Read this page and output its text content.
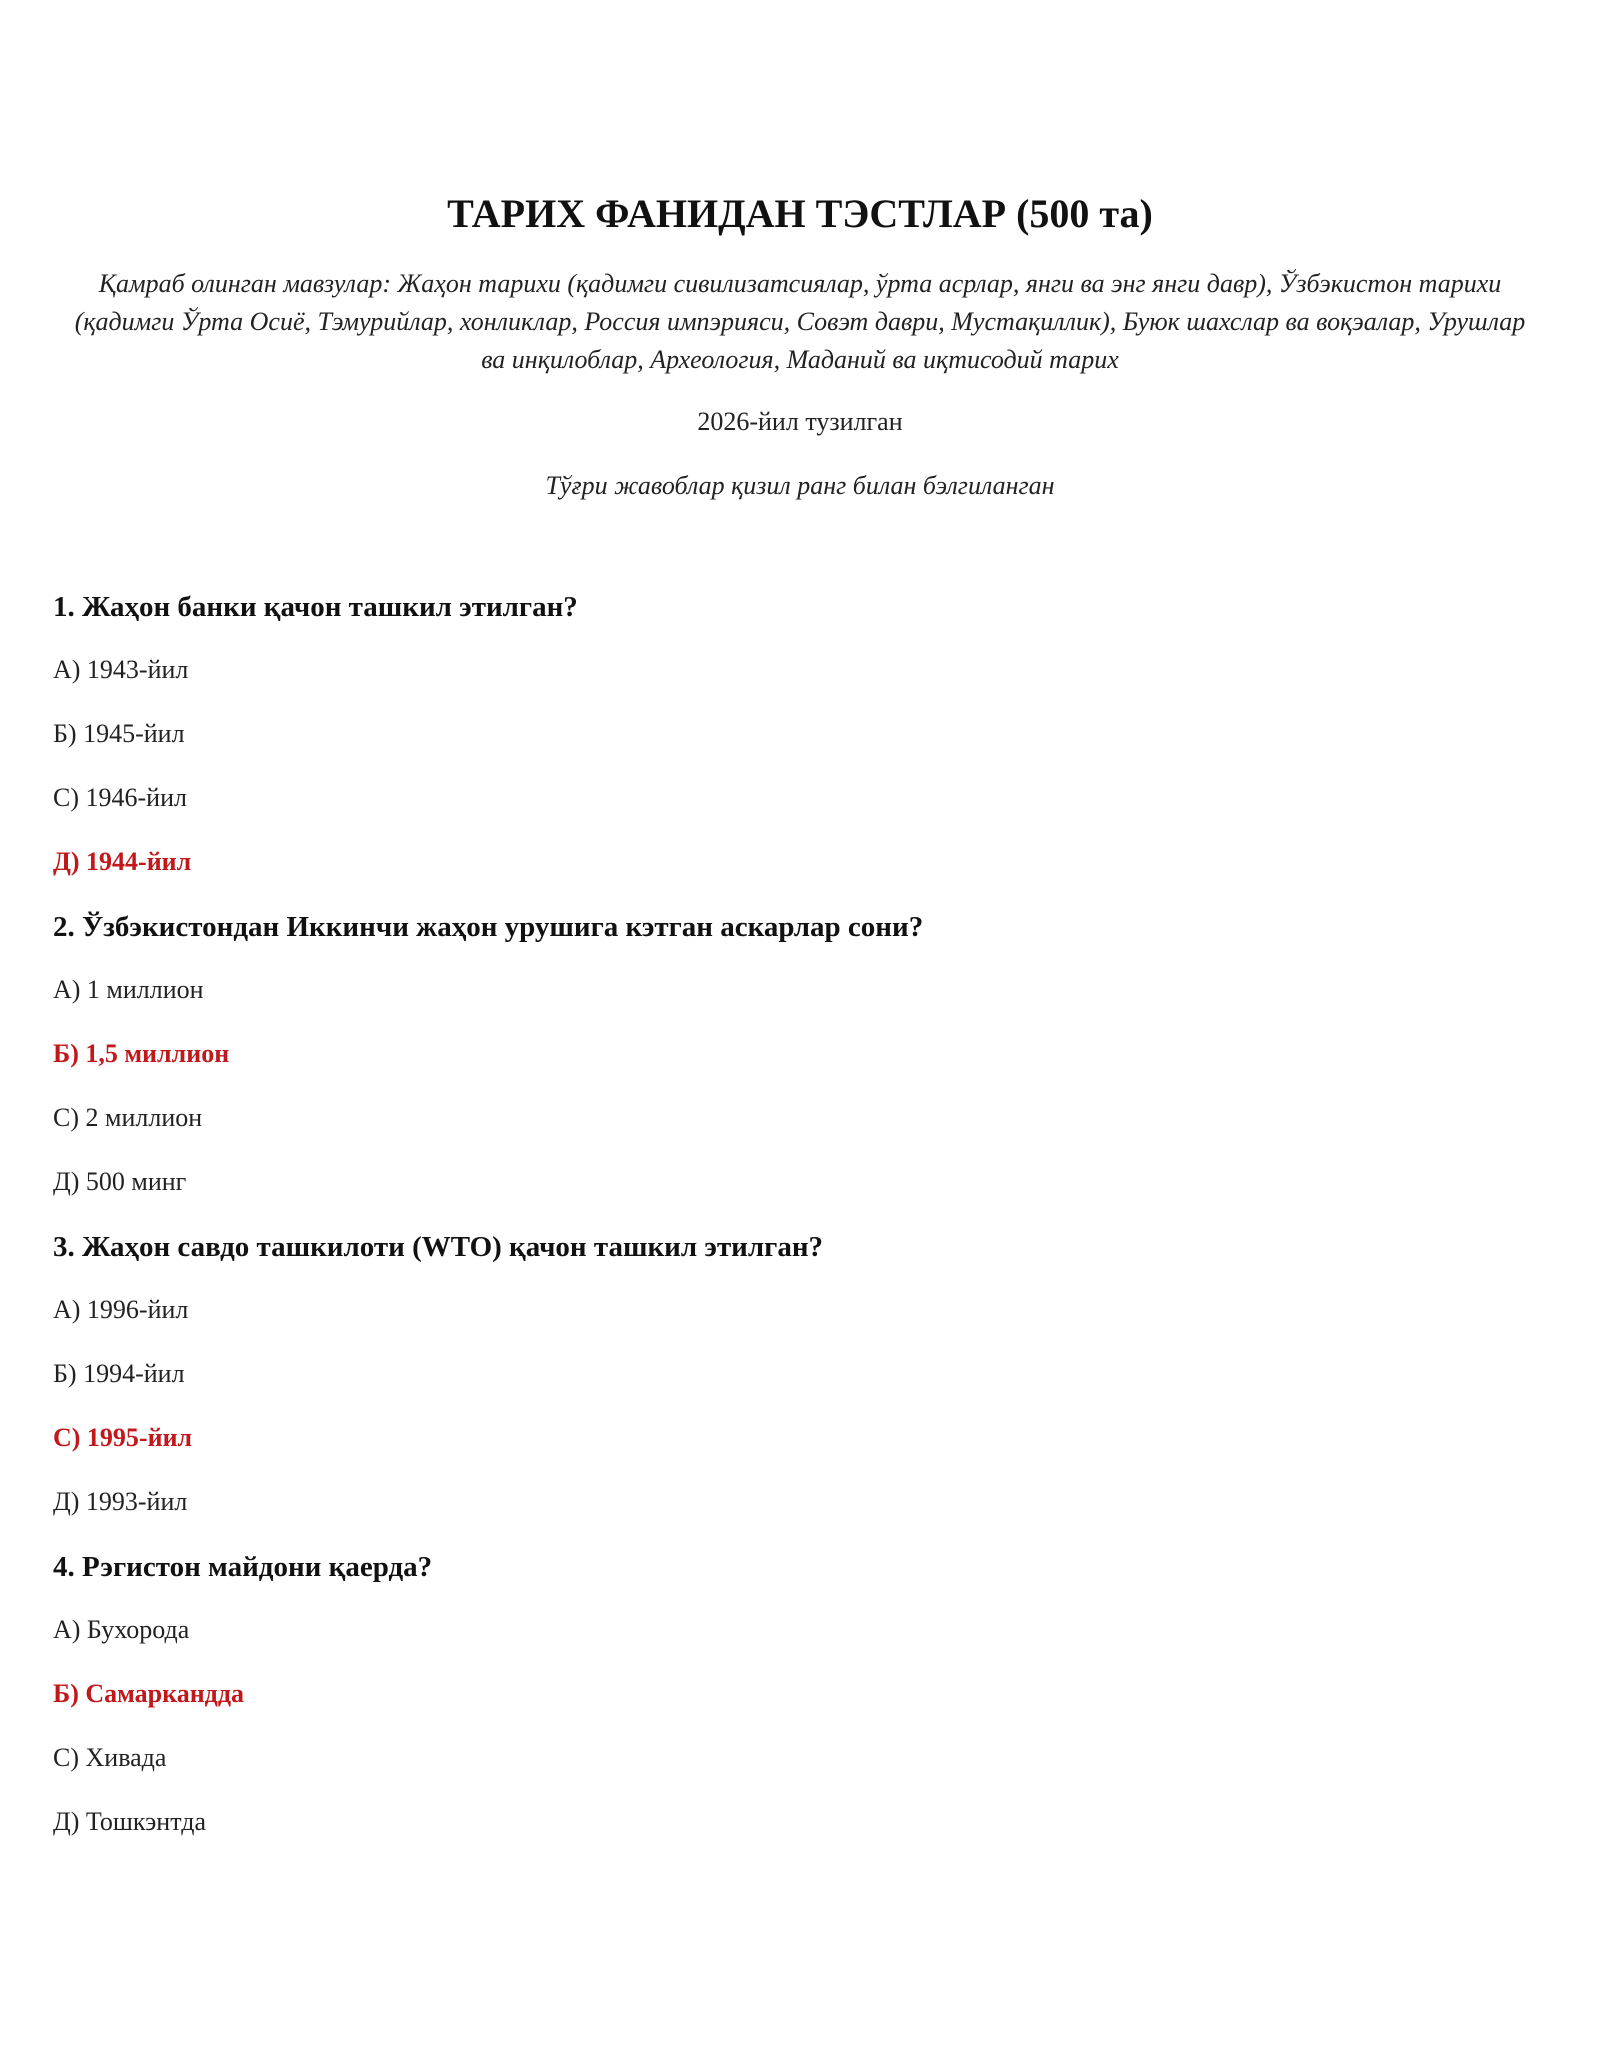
ТАРИХ ФАНИДАН ТЭСТЛАР (500 та)

Қамраб олинган мавзулар: Жаҳон тарихи (қадимги сивилизатсиялар, ўрта асрлар, янги ва энг янги давр), Ўзбэкистон тарихи (қадимги Ўрта Осиё, Тэмурийлар, хонликлар, Россия импэрияси, Совэт даври, Мустақиллик), Буюк шахслар ва воқэалар, Урушлар ва инқилоблар, Археология, Маданий ва иқтисодий тарих

2026-йил тузилган

Тўғри жавоблар қизил ранг билан бэлгиланган

1. Жаҳон банки қачон ташкил этилган?
А) 1943-йил
Б) 1945-йил
С) 1946-йил
Д) 1944-йил
2. Ўзбэкистондан Иккинчи жаҳон урушига кэтган аскарлар сони?
А) 1 миллион
Б) 1,5 миллион
С) 2 миллион
Д) 500 минг
3. Жаҳон савдо ташкилоти (WTO) қачон ташкил этилган?
А) 1996-йил
Б) 1994-йил
С) 1995-йил
Д) 1993-йил
4. Рэгистон майдони қаерда?
А) Бухорода
Б) Самаркандда
С) Хивада
Д) Тошкэнтда
